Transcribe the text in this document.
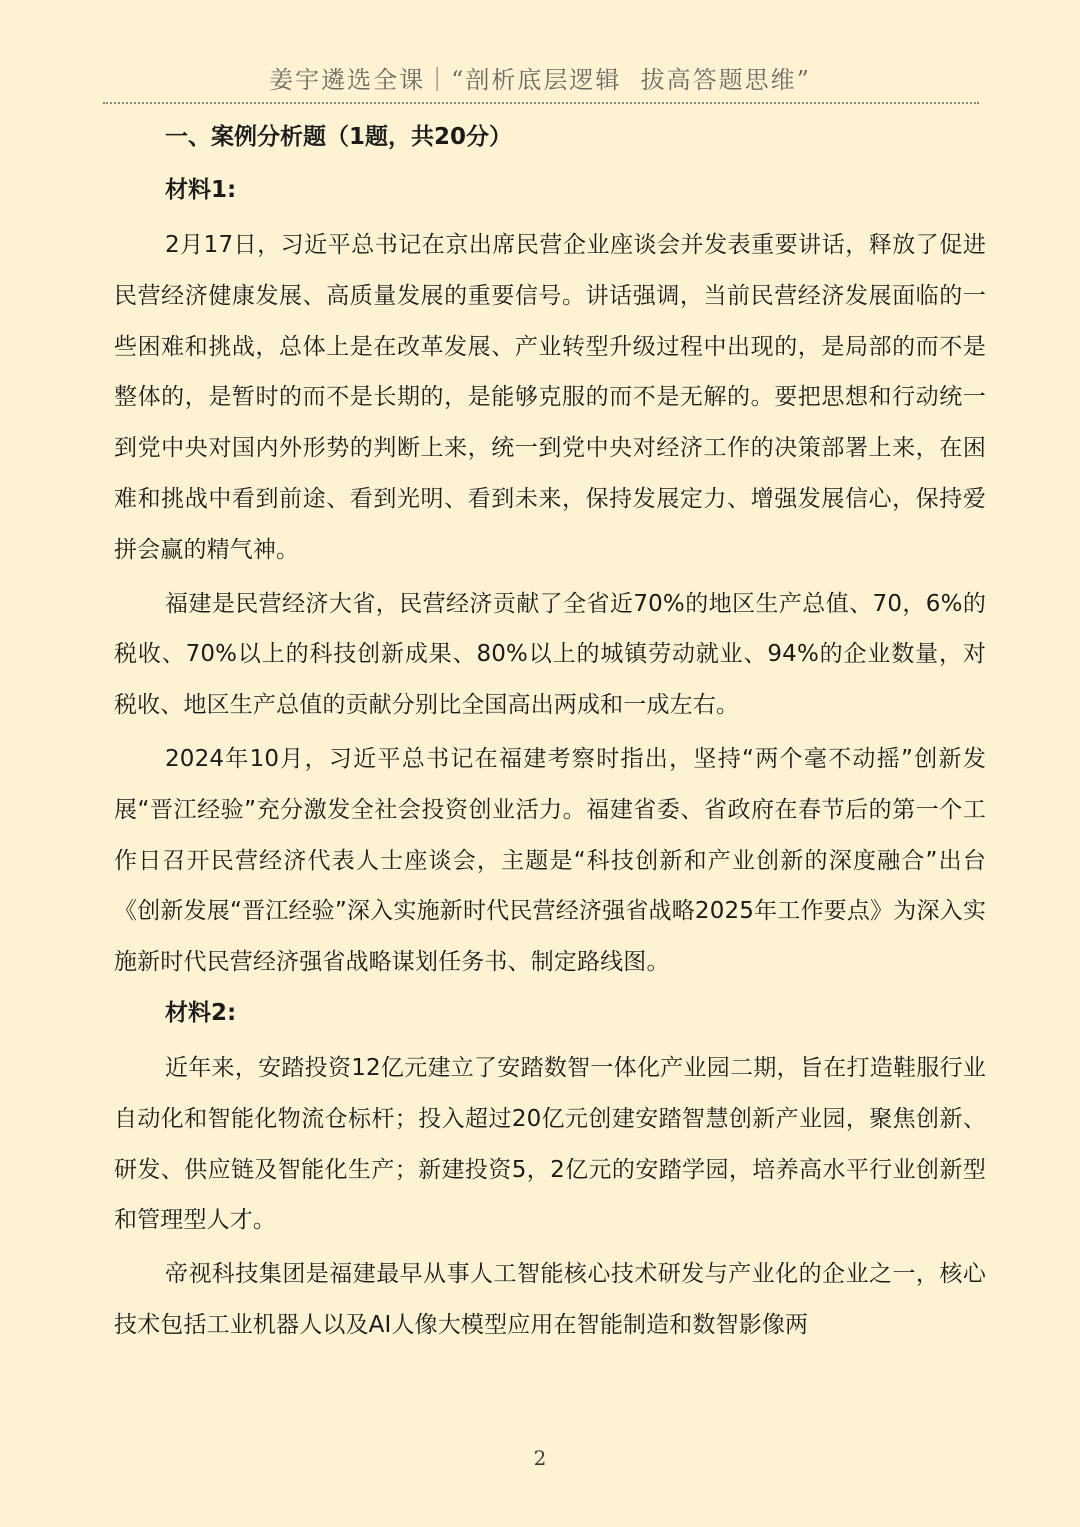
姜宇遴选全课｜“剖析底层逻辑  拔高答题思维”
一、案例分析题（1题，共20分）
材料1:

2月17日，习近平总书记在京出席民营企业座谈会并发表重要讲话，释放了促进民营经济健康发展、高质量发展的重要信号。讲话强调，当前民营经济发展面临的一些困难和挑战，总体上是在改革发展、产业转型升级过程中出现的，是局部的而不是整体的，是暂时的而不是长期的，是能够克服的而不是无解的。要把思想和行动统一到党中央对国内外形势的判断上来，统一到党中央对经济工作的决策部署上来，在困难和挑战中看到前途、看到光明、看到未来，保持发展定力、增强发展信心，保持爱拼会赢的精气神。

福建是民营经济大省，民营经济贡献了全省近70%的地区生产总值、70，6%的税收、70%以上的科技创新成果、80%以上的城镇劳动就业、94%的企业数量，对税收、地区生产总值的贡献分别比全国高出两成和一成左右。

2024年10月，习近平总书记在福建考察时指出，坚持“两个毫不动摇”创新发展“晋江经验”充分激发全社会投资创业活力。福建省委、省政府在春节后的第一个工作日召开民营经济代表人士座谈会，主题是“科技创新和产业创新的深度融合”出台《创新发展“晋江经验”深入实施新时代民营经济强省战略2025年工作要点》为深入实施新时代民营经济强省战略谋划任务书、制定路线图。

材料2:

近年来，安踏投资12亿元建立了安踏数智一体化产业园二期，旨在打造鞋服行业自动化和智能化物流仓标杆；投入超过20亿元创建安踏智慧创新产业园，聚焦创新、研发、供应链及智能化生产；新建投资5，2亿元的安踏学园，培养高水平行业创新型和管理型人才。

帝视科技集团是福建最早从事人工智能核心技术研发与产业化的企业之一，核心技术包括工业机器人以及AI人像大模型应用在智能制造和数智影像两

2
